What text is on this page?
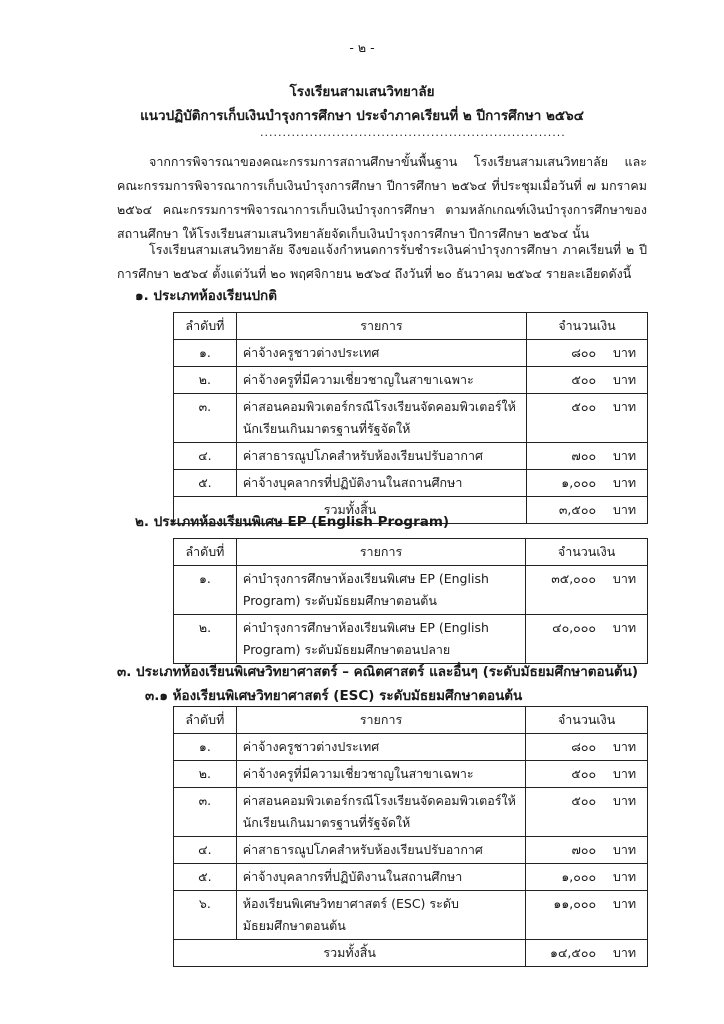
- ๒ -
โรงเรียนสามเสนวิทยาลัย
แนวปฏิบัติการเก็บเงินบำรุงการศึกษา ประจำภาคเรียนที่ ๒ ปีการศึกษา ๒๕๖๔
....................................................................
จากการพิจารณาของคณะกรรมการสถานศึกษาขั้นพื้นฐาน โรงเรียนสามเสนวิทยาลัย และคณะกรรมการพิจารณาการเก็บเงินบำรุงการศึกษา ปีการศึกษา ๒๕๖๔ ที่ประชุมเมื่อวันที่ ๗ มกราคม ๒๕๖๔ คณะกรรมการฯพิจารณาการเก็บเงินบำรุงการศึกษา ตามหลักเกณฑ์เงินบำรุงการศึกษาของสถานศึกษา ให้โรงเรียนสามเสนวิทยาลัยจัดเก็บเงินบำรุงการศึกษา ปีการศึกษา ๒๕๖๔ นั้น
โรงเรียนสามเสนวิทยาลัย จึงขอแจ้งกำหนดการรับชำระเงินค่าบำรุงการศึกษา ภาคเรียนที่ ๒ ปีการศึกษา ๒๕๖๔ ตั้งแต่วันที่ ๒๐ พฤศจิกายน ๒๕๖๔ ถึงวันที่ ๒๐ ธันวาคม ๒๕๖๔ รายละเอียดดังนี้
๑. ประเภทห้องเรียนปกติ
ลำดับที่	รายการ	จำนวนเงิน	
๑.	ค่าจ้างครูชาวต่างประเทศ	๘๐๐	บาท
๒.	ค่าจ้างครูที่มีความเชี่ยวชาญในสาขาเฉพาะ	๕๐๐	บาท
๓.	ค่าสอนคอมพิวเตอร์กรณีโรงเรียนจัดคอมพิวเตอร์ให้นักเรียนเกินมาตรฐานที่รัฐจัดให้	๕๐๐	บาท
๔.	ค่าสาธารณูปโภคสำหรับห้องเรียนปรับอากาศ	๗๐๐	บาท
๕.	ค่าจ้างบุคลากรที่ปฏิบัติงานในสถานศึกษา	๑,๐๐๐	บาท
รวมทั้งสิ้น		๓,๕๐๐	บาท
๒. ประเภทห้องเรียนพิเศษ EP (English Program)
ลำดับที่	รายการ	จำนวนเงิน	
๑.	ค่าบำรุงการศึกษาห้องเรียนพิเศษ EP (English Program) ระดับมัธยมศึกษาตอนต้น	๓๕,๐๐๐	บาท
๒.	ค่าบำรุงการศึกษาห้องเรียนพิเศษ EP (English Program) ระดับมัธยมศึกษาตอนปลาย	๔๐,๐๐๐	บาท
๓. ประเภทห้องเรียนพิเศษวิทยาศาสตร์ – คณิตศาสตร์ และอื่นๆ (ระดับมัธยมศึกษาตอนต้น)
๓.๑ ห้องเรียนพิเศษวิทยาศาสตร์ (ESC) ระดับมัธยมศึกษาตอนต้น
ลำดับที่	รายการ	จำนวนเงิน	
๑.	ค่าจ้างครูชาวต่างประเทศ	๘๐๐	บาท
๒.	ค่าจ้างครูที่มีความเชี่ยวชาญในสาขาเฉพาะ	๕๐๐	บาท
๓.	ค่าสอนคอมพิวเตอร์กรณีโรงเรียนจัดคอมพิวเตอร์ให้นักเรียนเกินมาตรฐานที่รัฐจัดให้	๕๐๐	บาท
๔.	ค่าสาธารณูปโภคสำหรับห้องเรียนปรับอากาศ	๗๐๐	บาท
๕.	ค่าจ้างบุคลากรที่ปฏิบัติงานในสถานศึกษา	๑,๐๐๐	บาท
๖.	ห้องเรียนพิเศษวิทยาศาสตร์ (ESC) ระดับมัธยมศึกษาตอนต้น	๑๑,๐๐๐	บาท
รวมทั้งสิ้น		๑๔,๕๐๐	บาท
